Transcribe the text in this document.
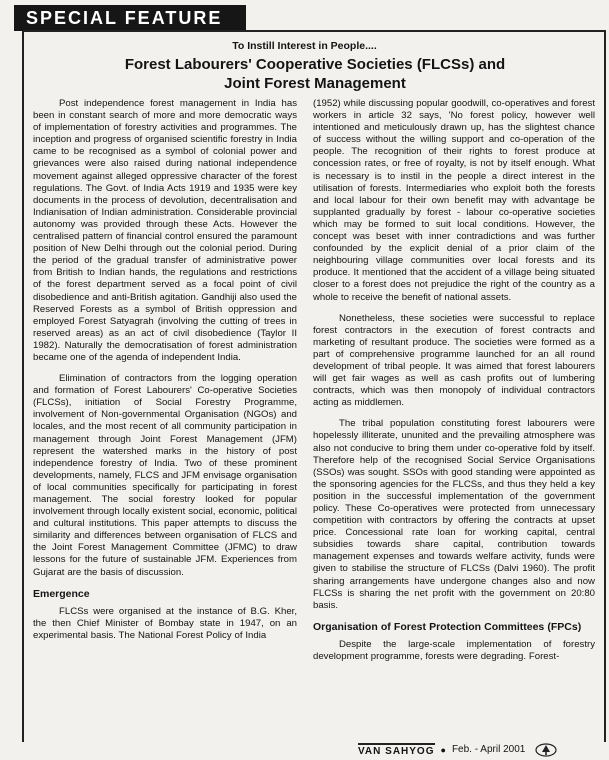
SPECIAL FEATURE
To Instill Interest in People....
Forest Labourers' Cooperative Societies (FLCSs) and
Joint Forest Management

Post independence forest management in India has been in constant search of more and more democratic ways of implementation of forestry activities and programmes. The inception and progress of organised scientific forestry in India came to be recognised as a symbol of colonial power and grievances were also raised during national independence movement against alleged oppressive character of the forest regulations. The Govt. of India Acts 1919 and 1935 were key documents in the process of devolution, decentralisation and Indianisation of Indian administration. Considerable provincial autonomy was provided through these Acts. However the centralised pattern of financial control ensured the paramount position of New Delhi through out the colonial period. During the period of the gradual transfer of administrative power from British to Indian hands, the regulations and restrictions of the forest department served as a focal point of civil disobedience and anti-British agitation. Gandhiji also used the Reserved Forests as a symbol of British oppression and employed Forest Satyagrah (involving the cutting of trees in reserved areas) as an act of civil disobedience (Taylor II 1982). Naturally the democratisation of forest administration became one of the agenda of independent India.

Elimination of contractors from the logging operation and formation of Forest Labourers' Co-operative Societies (FLCSs), initiation of Social Forestry Programme, involvement of Non-governmental Organisation (NGOs) and locales, and the most recent of all community participation in management through Joint Forest Management (JFM) represent the watershed marks in the history of post independence forestry of India. Two of these prominent developments, namely, FLCS and JFM envisage organisation of local communities specifically for participating in forest management. The social forestry looked for popular involvement through locally existent social, economic, political and cultural institutions. This paper attempts to discuss the similarity and differences between organisation of FLCS and the Joint Forest Management Committee (JFMC) to draw lessons for the future of sustainable JFM. Experiences from Gujarat are the basis of discussion.

Emergence

FLCSs were organised at the instance of B.G. Kher, the then Chief Minister of Bombay state in 1947, on an experimental basis. The National Forest Policy of India

(1952) while discussing popular goodwill, co-operatives and forest workers in article 32 says, 'No forest policy, however well intentioned and meticulously drawn up, has the slightest chance of success without the willing support and co-operation of the people. The recognition of their rights to forest produce at concession rates, or free of royalty, is not by itself enough. What is necessary is to instil in the people a direct interest in the utilisation of forests. Intermediaries who exploit both the forests and local labour for their own benefit may with advantage be supplanted gradually by forest - labour co-operative societies which may be formed to suit local conditions. However, the concept was beset with inner contradictions and was further confounded by the explicit denial of a prior claim of the neighbouring village communities over local forests and its produce. It mentioned that the accident of a village being situated closer to a forest does not prejudice the right of the country as a whole to receive the benefit of national assets.

Nonetheless, these societies were successful to replace forest contractors in the execution of forest contracts and marketing of resultant produce. The societies were formed as a part of comprehensive programme launched for an all round development of tribal people. It was aimed that forest labourers will get fair wages as well as cash profits out of lumbering contracts, which was then monopoly of individual contractors acting as middlemen.

The tribal population constituting forest labourers were hopelessly illiterate, ununited and the prevailing atmosphere was also not conducive to bring them under co-operative fold by itself. Therefore help of the recognised Social Service Organisations (SSOs) was sought. SSOs with good standing were appointed as the sponsoring agencies for the FLCSs, and thus they held a key position in the successful implementation of the government policy. These Co-operatives were protected from unnecessary competition with contractors by offering the contracts at upset price. Concessional rate loan for working capital, central subsidies towards share capital, contribution towards management expenses and towards welfare activity, funds were given to stabilise the structure of FLCSs (Dalvi 1960). The profit sharing arrangements have undergone changes also and now FLCSs is sharing the net profit with the government on 20:80 basis.

Organisation of Forest Protection Committees (FPCs)

Despite the large-scale implementation of forestry development programme, forests were degrading. Forest-

VAN SAHYOG ● Feb. - April 2001
